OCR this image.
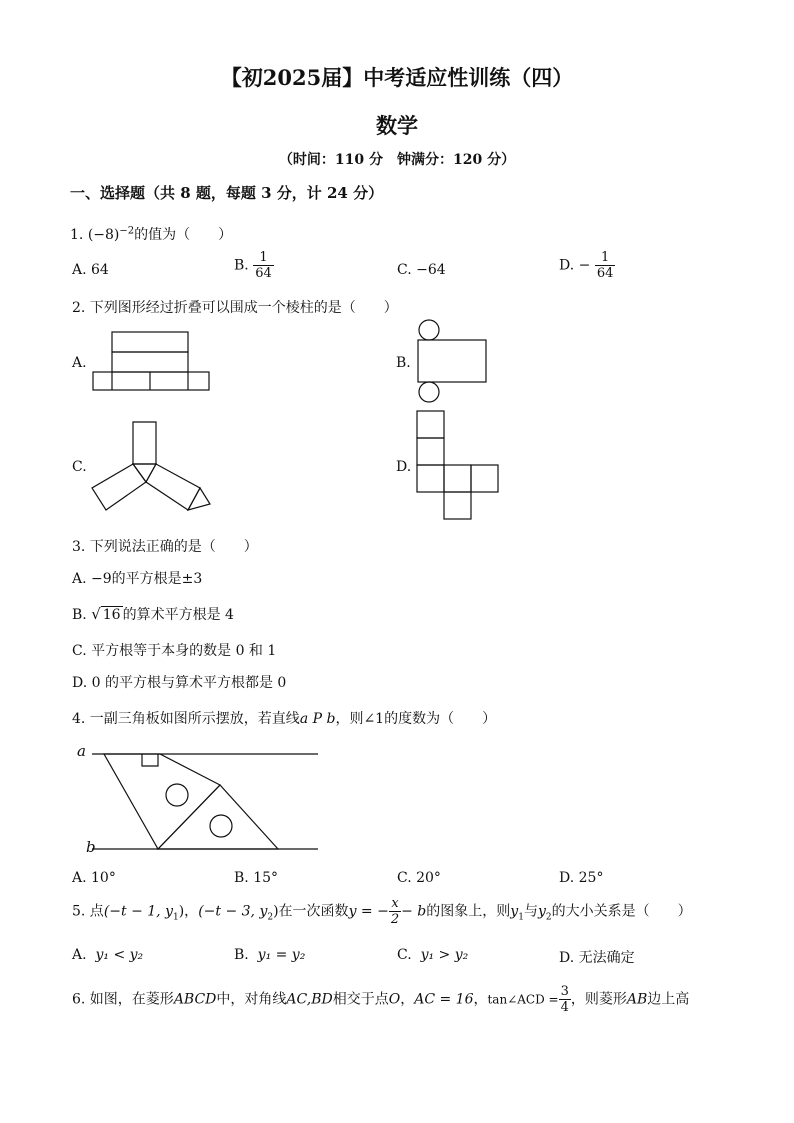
【初2025届】中考适应性训练（四）
数学
（时间：110 分　钟满分：120 分）
一、选择题（共 8 题，每题 3 分，计 24 分）
1. $(-8)^{-2}$的值为（　　）
A. 64	B. $\frac{1}{64}$	C. −64	D. − $\frac{1}{64}$
2. 下列图形经过折叠可以围成一个棱柱的是（　　）
A.	B.
C.	D.
3. 下列说法正确的是（　　）
A. −9的平方根是±3
B. √ 16 的算术平方根是 4
C. 平方根等于本身的数是 0 和 1
D. 0 的平方根与算术平方根都是 0
4. 一副三角板如图所示摆放，若直线a P b，则∠1的度数为（　　）
a
b
A. 10°	B. 15°	C. 20°	D. 25°
5. 点(−t − 1, $y_1$)，(−t − 3, $y_2$)在一次函数y = − $\frac{x}{2} - b$的图象上，则$y_1$与$y_2$的大小关系是（　　）
A. y₁ < y₂	B. y₁ = y₂	C. y₁ > y₂	D. 无法确定
6. 如图，在菱形ABCD中，对角线AC,BD相交于点O，AC = 16，tan∠ACD = $\frac{3}{4}$ ，则菱形AB边上高
